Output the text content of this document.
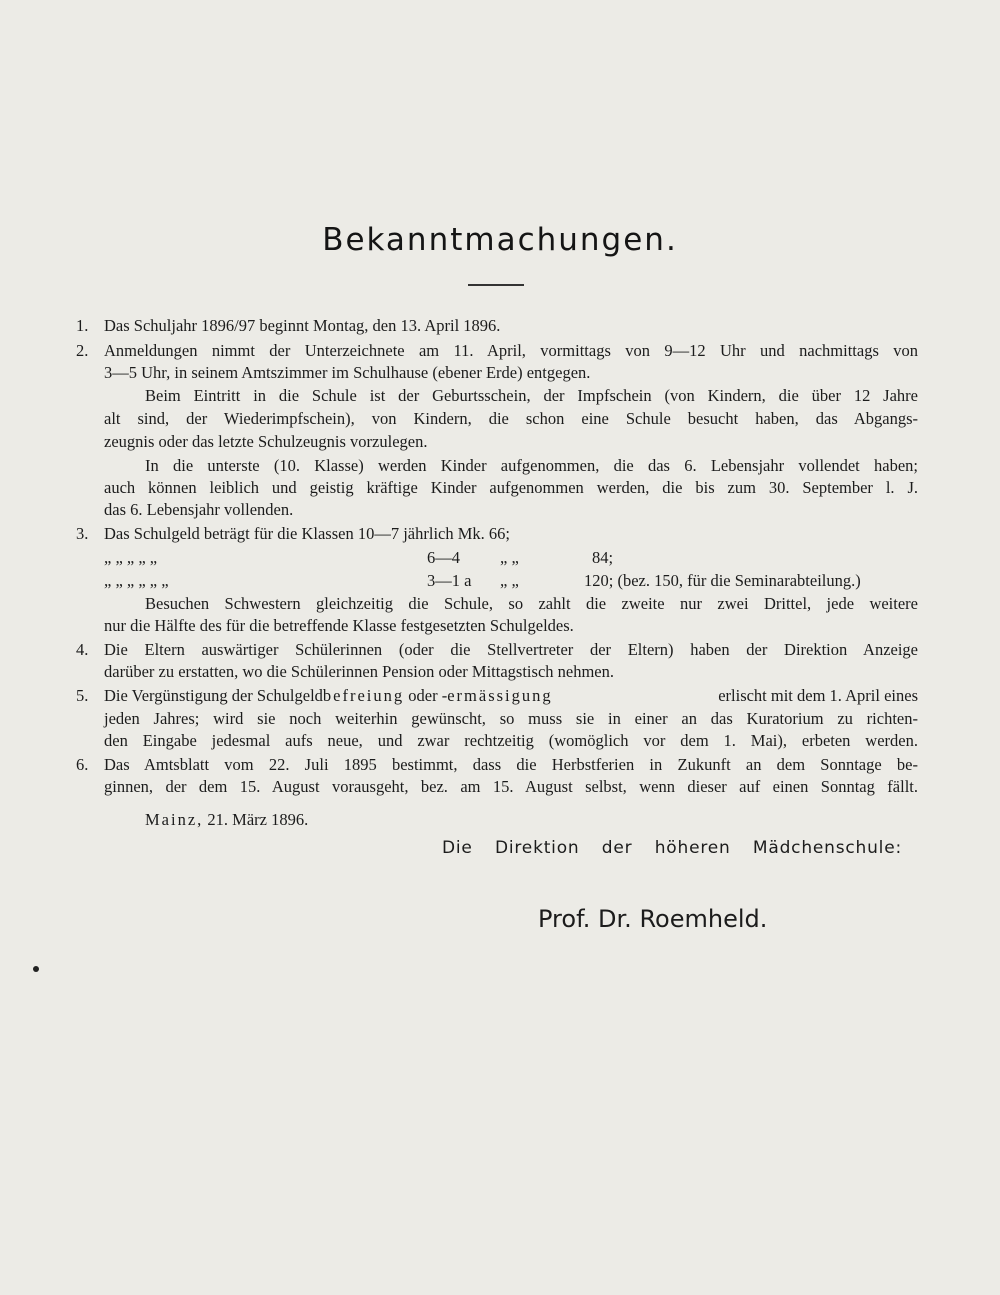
Bekanntmachungen.
1. Das Schuljahr 1896/97 beginnt Montag, den 13. April 1896.
2. Anmeldungen nimmt der Unterzeichnete am 11. April, vormittags von 9—12 Uhr und nachmittags von
3—5 Uhr, in seinem Amtszimmer im Schulhause (ebener Erde) entgegen.
Beim Eintritt in die Schule ist der Geburtsschein, der Impfschein (von Kindern, die über 12 Jahre
alt sind, der Wiederimpfschein), von Kindern, die schon eine Schule besucht haben, das Abgangs-
zeugnis oder das letzte Schulzeugnis vorzulegen.
In die unterste (10. Klasse) werden Kinder aufgenommen, die das 6. Lebensjahr vollendet haben;
auch können leiblich und geistig kräftige Kinder aufgenommen werden, die bis zum 30. September l. J.
das 6. Lebensjahr vollenden.
3. Das Schulgeld beträgt für die Klassen 10—7 jährlich Mk. 66;
„ „ „ „ „	6—4 „ „	84;
„ „ „ „ „ „	3—1 a „ „	120; (bez. 150, für die Seminarabteilung.)
Besuchen Schwestern gleichzeitig die Schule, so zahlt die zweite nur zwei Drittel, jede weitere
nur die Hälfte des für die betreffende Klasse festgesetzten Schulgeldes.
4. Die Eltern auswärtiger Schülerinnen (oder die Stellvertreter der Eltern) haben der Direktion Anzeige
darüber zu erstatten, wo die Schülerinnen Pension oder Mittagstisch nehmen.
5. Die Vergünstigung der Schulgeldbefreiung oder -ermässigung	erlischt mit dem 1. April eines
jeden Jahres; wird sie noch weiterhin gewünscht, so muss sie in einer an das Kuratorium zu richten-
den Eingabe jedesmal aufs neue, und zwar rechtzeitig (womöglich vor dem 1. Mai), erbeten werden.
6. Das Amtsblatt vom 22. Juli 1895 bestimmt, dass die Herbstferien in Zukunft an dem Sonntage be-
ginnen, der dem 15. August vorausgeht, bez. am 15. August selbst, wenn dieser auf einen Sonntag fällt.
Mainz, 21. März 1896.
Die Direktion der höheren Mädchenschule:
Prof. Dr. Roemheld.
